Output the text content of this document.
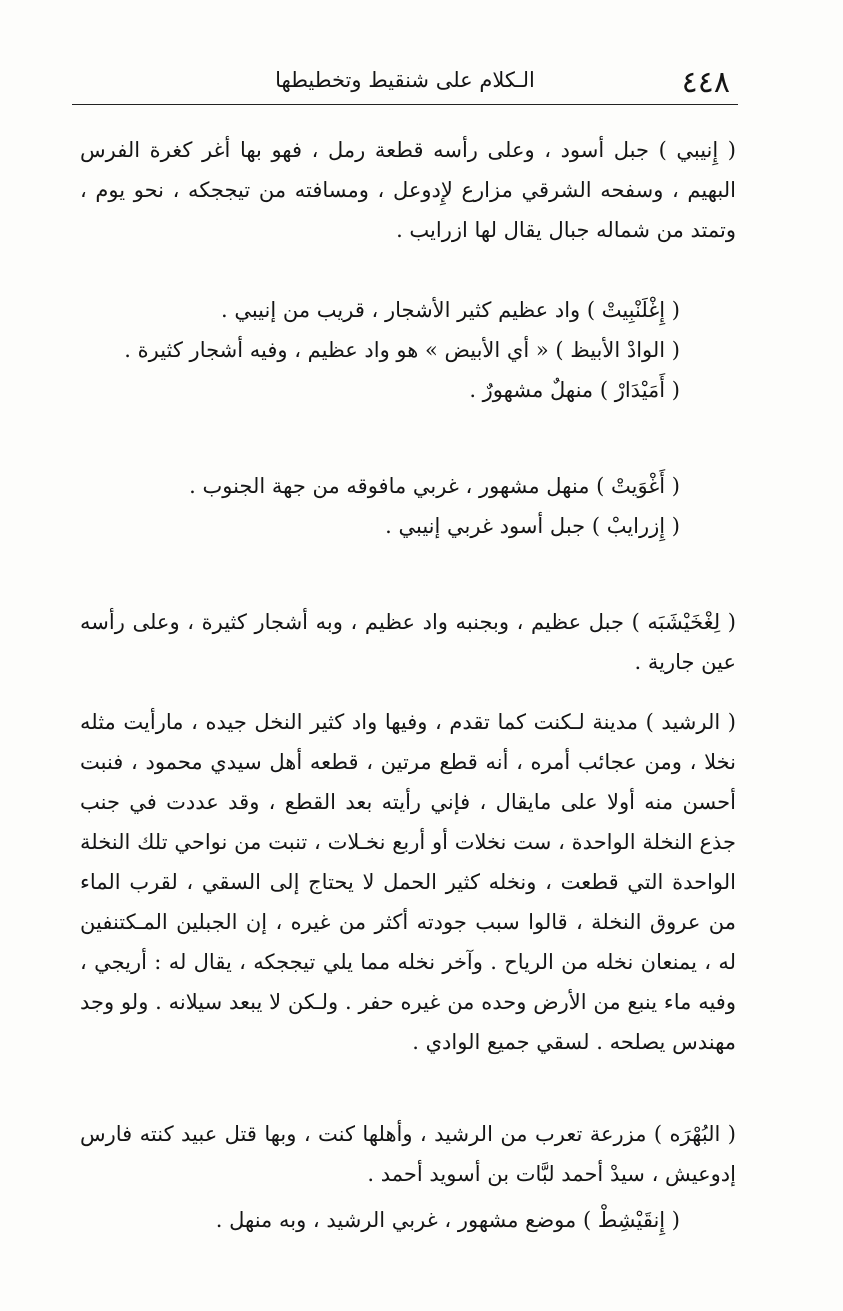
٤٤٨
الـكلام على شنقيط وتخطيطها

( إِنيبي ) جبل أسود ، وعلى رأسه قطعة رمل ، فهو بها أغر كغرة الفرس البهيم ، وسفحه الشرقي مزارع لإِدوعل ، ومسافته من تيججكه ، نحو يوم ، وتمتد من شماله جبال يقال لها ازرايب .

( إِغْلَنْبِيتْ ) واد عظيم كثير الأشجار ، قريب من إنيبي .

( الوادْ الأبيظ ) « أي الأبيض » هو واد عظيم ، وفيه أشجار كثيرة .

( أَمَيْدَارْ ) منهلٌ مشهورٌ .

( أَغْوَيتْ ) منهل مشهور ، غربي مافوقه من جهة الجنوب .

( إِزرايبْ ) جبل أسود غربي إنيبي .

( لِغْخَيْشَبَه ) جبل عظيم ، وبجنبه واد عظيم ، وبه أشجار كثيرة ، وعلى رأسه عين جارية .

( الرشيد ) مدينة لـكنت كما تقدم ، وفيها واد كثير النخل جيده ، مارأيت مثله نخلا ، ومن عجائب أمره ، أنه قطع مرتين ، قطعه أهل سيدي محمود ، فنبت أحسن منه أولا على مايقال ، فإني رأيته بعد القطع ، وقد عددت في جنب جذع النخلة الواحدة ، ست نخلات أو أربع نخـلات ، تنبت من نواحي تلك النخلة الواحدة التي قطعت ، ونخله كثير الحمل لا يحتاج إلى السقي ، لقرب الماء من عروق النخلة ، قالوا سبب جودته أكثر من غيره ، إن الجبلين المـكتنفين له ، يمنعان نخله من الرياح . وآخر نخله مما يلي تيججكه ، يقال له : أريجي ، وفيه ماء ينبع من الأرض وحده من غيره حفر . ولـكن لا يبعد سيلانه . ولو وجد مهندس يصلحه . لسقي جميع الوادي .

( البُهْرَه ) مزرعة تعرب من الرشيد ، وأهلها كنت ، وبها قتل عبيد كنته فارس إدوعيش ، سيدْ أحمد لبَّات بن أسويد أحمد .

( إِنقَيْشِطْ ) موضع مشهور ، غربي الرشيد ، وبه منهل .
